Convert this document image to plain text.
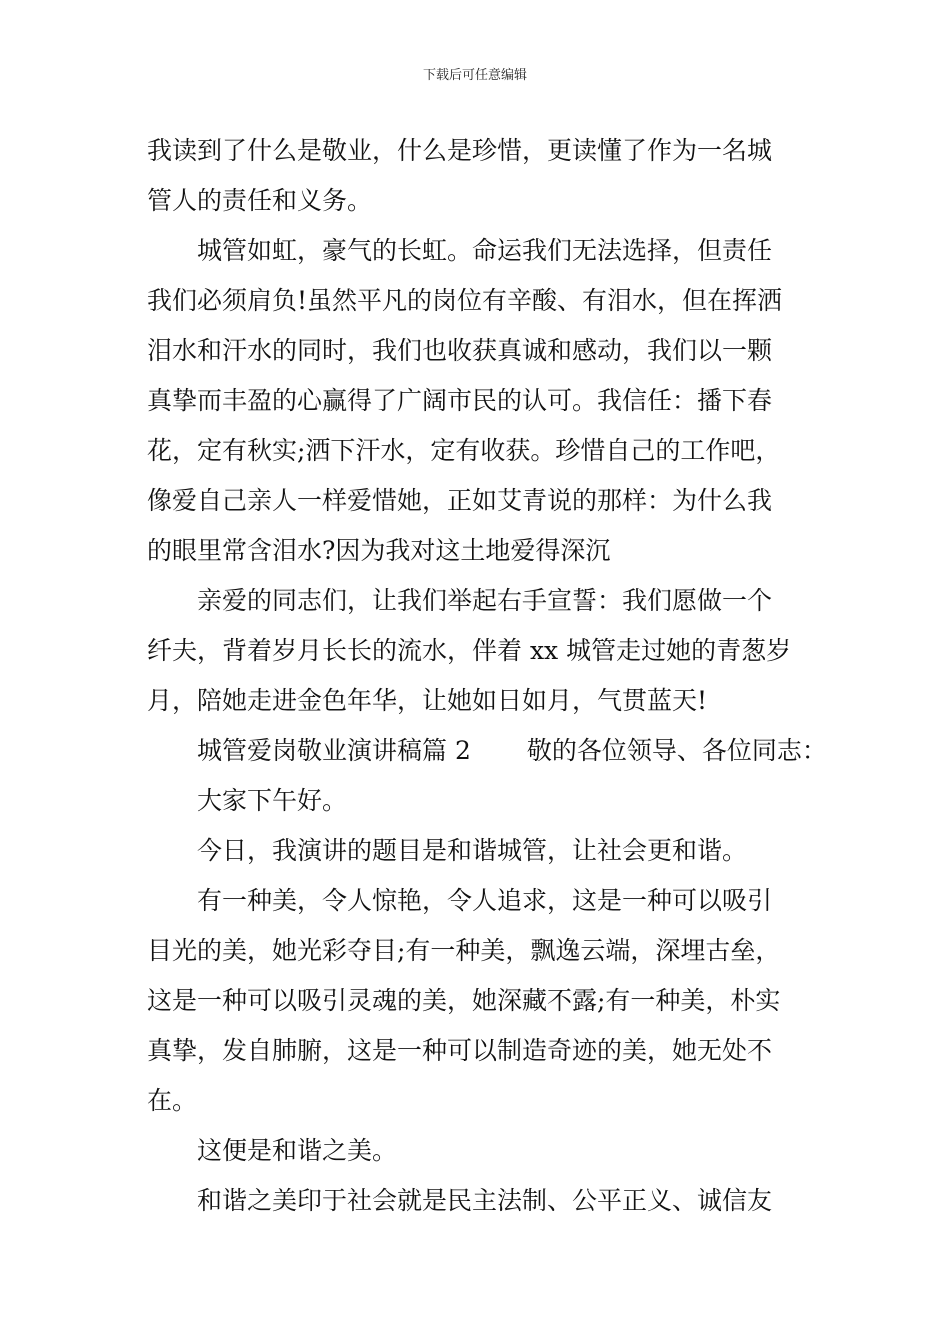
下载后可任意编辑

我读到了什么是敬业，什么是珍惜，更读懂了作为一名城

管人的责任和义务。

城管如虹，豪气的长虹。命运我们无法选择，但责任

我们必须肩负!虽然平凡的岗位有辛酸、有泪水，但在挥洒

泪水和汗水的同时，我们也收获真诚和感动，我们以一颗

真挚而丰盈的心赢得了广阔市民的认可。我信任：播下春

花，定有秋实;洒下汗水，定有收获。珍惜自己的工作吧，

像爱自己亲人一样爱惜她，正如艾青说的那样：为什么我

的眼里常含泪水?因为我对这土地爱得深沉

亲爱的同志们，让我们举起右手宣誓：我们愿做一个

纤夫，背着岁月长长的流水，伴着 xx 城管走过她的青葱岁

月，陪她走进金色年华，让她如日如月，气贯蓝天!

城管爱岗敬业演讲稿篇 2 敬的各位领导、各位同志：

大家下午好。

今日，我演讲的题目是和谐城管，让社会更和谐。

有一种美，令人惊艳，令人追求，这是一种可以吸引

目光的美，她光彩夺目;有一种美，飘逸云端，深埋古垒，

这是一种可以吸引灵魂的美，她深藏不露;有一种美，朴实

真挚，发自肺腑，这是一种可以制造奇迹的美，她无处不

在。

这便是和谐之美。

和谐之美印于社会就是民主法制、公平正义、诚信友
